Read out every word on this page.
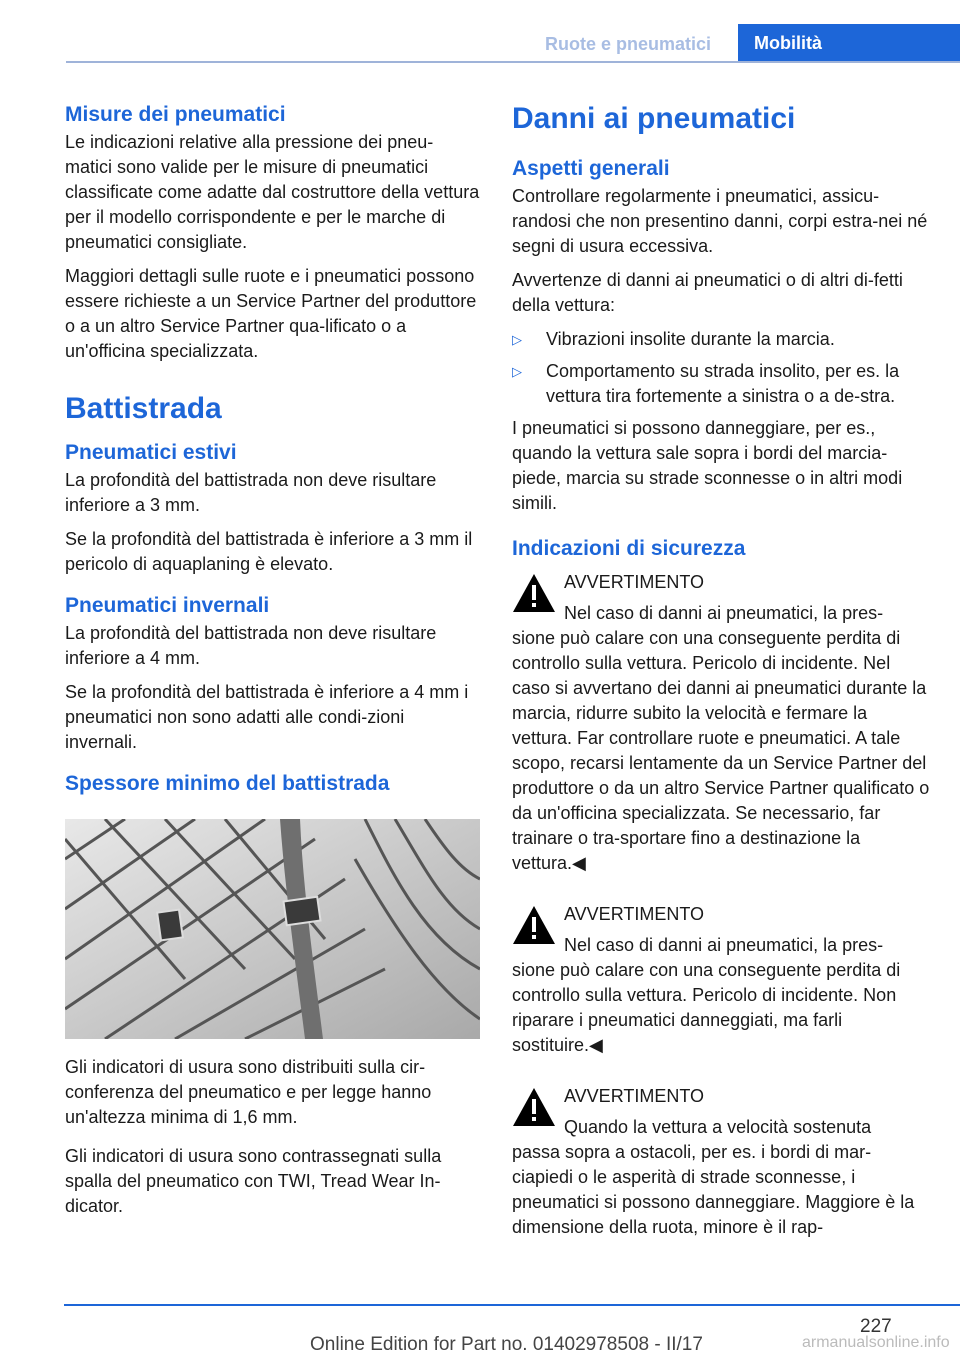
Ruote e pneumatici	Mobilità
Misure dei pneumatici

Le indicazioni relative alla pressione dei pneu-matici sono valide per le misure di pneumatici classificate come adatte dal costruttore della vettura per il modello corrispondente e per le marche di pneumatici consigliate.

Maggiori dettagli sulle ruote e i pneumatici possono essere richieste a un Service Partner del produttore o a un altro Service Partner qua-lificato o a un'officina specializzata.

Battistrada
Pneumatici estivi

La profondità del battistrada non deve risultare inferiore a 3 mm.

Se la profondità del battistrada è inferiore a 3 mm il pericolo di aquaplaning è elevato.

Pneumatici invernali

La profondità del battistrada non deve risultare inferiore a 4 mm.

Se la profondità del battistrada è inferiore a 4 mm i pneumatici non sono adatti alle condi-zioni invernali.

Spessore minimo del battistrada

Gli indicatori di usura sono distribuiti sulla cir-conferenza del pneumatico e per legge hanno un'altezza minima di 1,6 mm.

Gli indicatori di usura sono contrassegnati sulla spalla del pneumatico con TWI, Tread Wear In-dicator.

Danni ai pneumatici
Aspetti generali

Controllare regolarmente i pneumatici, assicu-randosi che non presentino danni, corpi estra-nei né segni di usura eccessiva.

Avvertenze di danni ai pneumatici o di altri di-fetti della vettura:

▷	Vibrazioni insolite durante la marcia.
▷	Comportamento su strada insolito, per es. la vettura tira fortemente a sinistra o a de-stra.

I pneumatici si possono danneggiare, per es., quando la vettura sale sopra i bordi del marcia-piede, marcia su strade sconnesse o in altri modi simili.

Indicazioni di sicurezza
AVVERTIMENTO
Nel caso di danni ai pneumatici, la pres-
sione può calare con una conseguente perdita di controllo sulla vettura. Pericolo di incidente. Nel caso si avvertano dei danni ai pneumatici durante la marcia, ridurre subito la velocità e fermare la vettura. Far controllare ruote e pneumatici. A tale scopo, recarsi lentamente da un Service Partner del produttore o da un altro Service Partner qualificato o da un'officina specializzata. Se necessario, far trainare o tra-sportare fino a destinazione la vettura.◀
AVVERTIMENTO
Nel caso di danni ai pneumatici, la pres-
sione può calare con una conseguente perdita di controllo sulla vettura. Pericolo di incidente. Non riparare i pneumatici danneggiati, ma farli sostituire.◀
AVVERTIMENTO
Quando la vettura a velocità sostenuta
passa sopra a ostacoli, per es. i bordi di mar-ciapiedi o le asperità di strade sconnesse, i pneumatici si possono danneggiare. Maggiore è la dimensione della ruota, minore è il rap-
227
Online Edition for Part no. 01402978508 - II/17	armanualsonline.info
